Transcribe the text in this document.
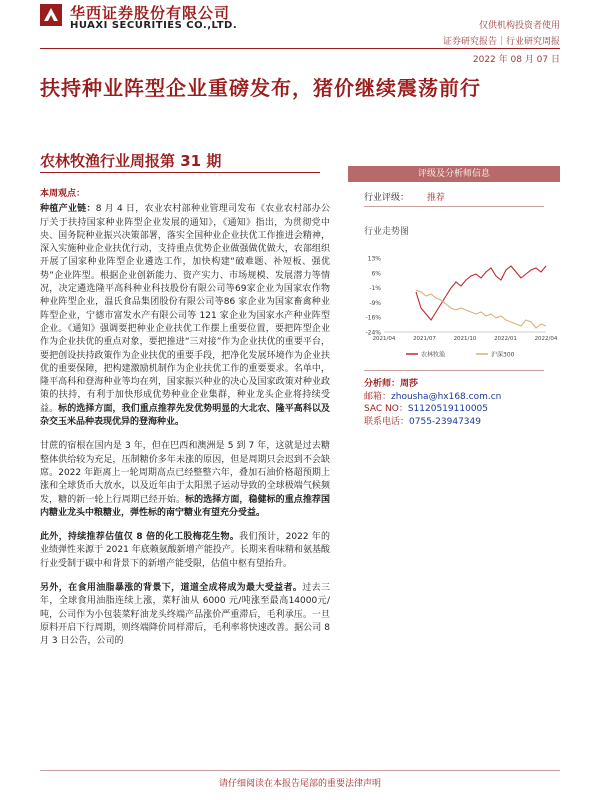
华西证券股份有限公司
HUAXI SECURITIES CO.,LTD.	仅供机构投资者使用
证券研究报告｜行业研究周报
2022 年 08 月 07 日
扶持种业阵型企业重磅发布，猪价继续震荡前行
农林牧渔行业周报第 31 期

本周观点：

种植产业链：8 月 4 日，农业农村部种业管理司发布《农业农村部办公厅关于扶持国家种业阵型企业发展的通知》，《通知》指出，为贯彻党中央、国务院种业振兴决策部署，落实全国种业企业扶优工作推进会精神，深入实施种业企业扶优行动，支持重点优势企业做强做优做大，农部组织开展了国家种业阵型企业遴选工作，加快构建“破难题、补短板、强优势”企业阵型。根据企业创新能力、资产实力、市场规模、发展潜力等情况，决定遴选隆平高科种业科技股份有限公司等69家企业为国家农作物种业阵型企业，温氏食品集团股份有限公司等86 家企业为国家畜禽种业阵型企业，宁德市富发水产有限公司等 121 家企业为国家水产种业阵型企业。《通知》强调要把种业企业扶优工作摆上重要位置，要把阵型企业作为企业扶优的重点对象，要把推进“三对接”作为企业扶优的重要平台，要把创设扶持政策作为企业扶优的重要手段，把净化发展环境作为企业扶优的重要保障，把构建激励机制作为企业扶优工作的重要要求。名单中，隆平高科和登海种业等均在列，国家振兴种业的决心及国家政策对种业政策的扶持，有利于加快形成优势种业企业集群，种业龙头企业将持续受益。标的选择方面，我们重点推荐先发优势明显的大北农、隆平高科以及杂交玉米品种表现优异的登海种业。

甘蔗的宿根在国内是 3 年，但在巴西和澳洲是 5 到 7 年，这就是过去糖整体供给较为充足，压制糖价多年未涨的原因，但是周期只会迟到不会缺席。2022 年距离上一轮周期高点已经整整六年，叠加石油价格超预期上涨和全球货币大放水，以及近年由于太阳黑子运动导致的全球极端气候频发，糖的新一轮上行周期已经开始。标的选择方面，稳健标的重点推荐国内糖业龙头中粮糖业，弹性标的南宁糖业有望充分受益。

此外，持续推荐估值仅 8 倍的化工股梅花生物。我们预计，2022 年的业绩弹性来源于 2021 年底赖氨酸新增产能投产。长期来看味精和氨基酸行业受制于碳中和背景下的新增产能受限，估值中枢有望抬升。

另外，在食用油脂暴涨的背景下，道道全成将成为最大受益者。过去三年，全球食用油脂连续上涨，菜籽油从 6000 元/吨涨至最高14000元/吨，公司作为小包装菜籽油龙头终端产品涨价严重滞后，毛利承压。一旦原料开启下行周期，则终端降价同样滞后，毛利率将快速改善。据公司 8 月 3 日公告，公司的

评级及分析师信息
行业评级： 推荐
行业走势图
13%
6%
-1%
-9%
-16%
-24%
2021/04	2021/07	2021/10	2022/01	2022/04
农林牧渔	沪深300
分析师：周莎
邮箱：zhousha@hx168.com.cn
SAC NO：S1120519110005
联系电话：0755-23947349
请仔细阅读在本报告尾部的重要法律声明
